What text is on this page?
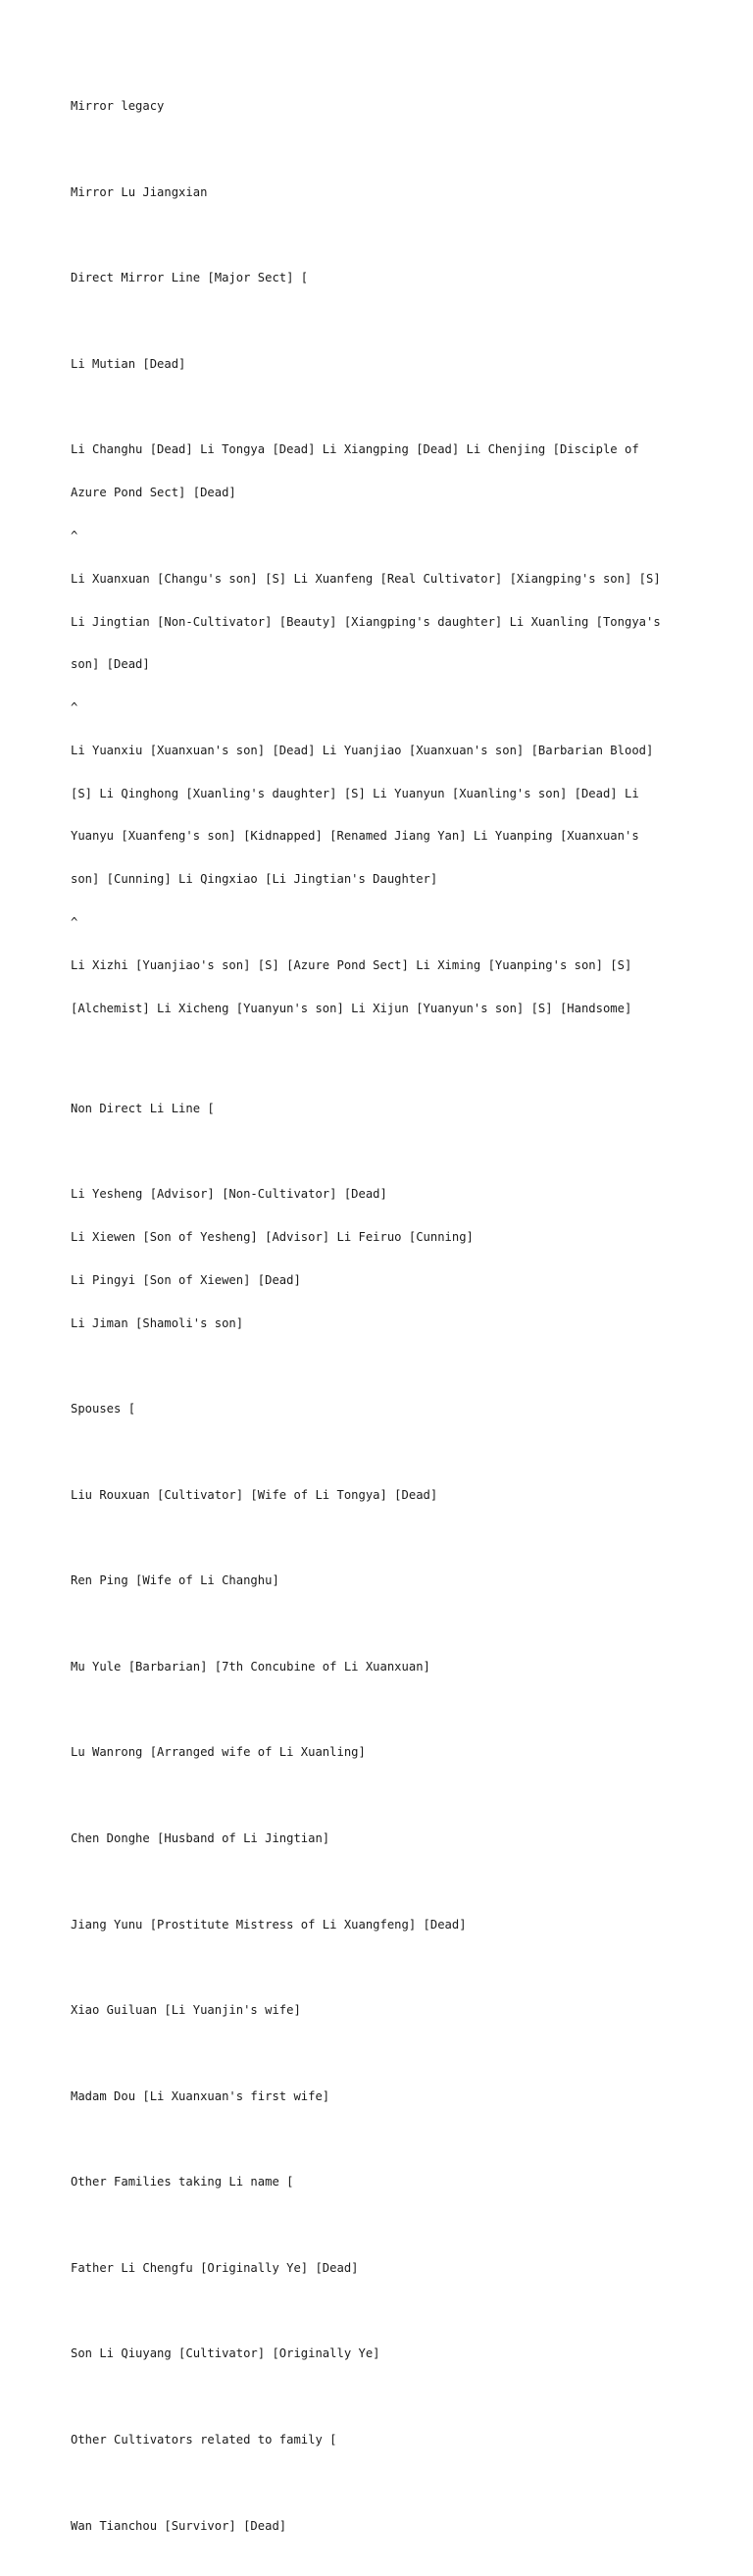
Mirror legacy

Mirror Lu Jiangxian

Direct Mirror Line [Major Sect] [

Li Mutian [Dead]

Li Changhu [Dead] Li Tongya [Dead] Li Xiangping [Dead] Li Chenjing [Disciple of

Azure Pond Sect] [Dead]

^

Li Xuanxuan [Changu's son] [S] Li Xuanfeng [Real Cultivator] [Xiangping's son] [S]

Li Jingtian [Non-Cultivator] [Beauty] [Xiangping's daughter] Li Xuanling [Tongya's

son] [Dead]

^

Li Yuanxiu [Xuanxuan's son] [Dead] Li Yuanjiao [Xuanxuan's son] [Barbarian Blood]

[S] Li Qinghong [Xuanling's daughter] [S] Li Yuanyun [Xuanling's son] [Dead] Li

Yuanyu [Xuanfeng's son] [Kidnapped] [Renamed Jiang Yan] Li Yuanping [Xuanxuan's

son] [Cunning] Li Qingxiao [Li Jingtian's Daughter]

^

Li Xizhi [Yuanjiao's son] [S] [Azure Pond Sect] Li Ximing [Yuanping's son] [S]

[Alchemist] Li Xicheng [Yuanyun's son] Li Xijun [Yuanyun's son] [S] [Handsome]

Non Direct Li Line [

Li Yesheng [Advisor] [Non-Cultivator] [Dead]

Li Xiewen [Son of Yesheng] [Advisor] Li Feiruo [Cunning]

Li Pingyi [Son of Xiewen] [Dead]

Li Jiman [Shamoli's son]

Spouses [

Liu Rouxuan [Cultivator] [Wife of Li Tongya] [Dead]

Ren Ping [Wife of Li Changhu]

Mu Yule [Barbarian] [7th Concubine of Li Xuanxuan]

Lu Wanrong [Arranged wife of Li Xuanling]

Chen Donghe [Husband of Li Jingtian]

Jiang Yunu [Prostitute Mistress of Li Xuangfeng] [Dead]

Xiao Guiluan [Li Yuanjin's wife]

Madam Dou [Li Xuanxuan's first wife]

Other Families taking Li name [

Father Li Chengfu [Originally Ye] [Dead]

Son Li Qiuyang [Cultivator] [Originally Ye]

Other Cultivators related to family [

Wan Tianchou [Survivor] [Dead]
